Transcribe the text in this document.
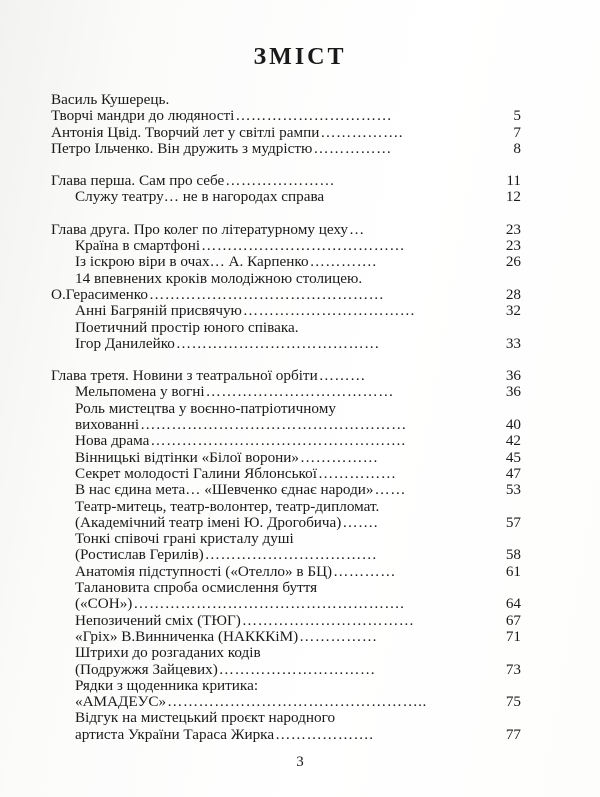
ЗМІСТ
Василь Кушерець.
Творчі мандри до людяності …………………………	5
Антонія Цвід. Творчий лет у світлі рампи …………….	7
Петро Ільченко. Він дружить з мудрістю ……………	8
Глава перша. Сам про себе …………………	11
Служу театру… не в нагородах справа	12
Глава друга. Про колег по літературному цеху …	23
Країна в смартфоні …………………………………	23
Із іскрою віри в очах… А. Карпенко ………….	26
14 впевнених кроків молодіжною столицею.
О.Герасименко ………………………………………	28
Анні Багряній присвячую ……………………………	32
Поетичний простір юного співака.
Ігор Данилейко …………………………………	33
Глава третя. Новини з театральної орбіти ………	36
Мельпомена у вогні ………………………………	36
Роль мистецтва у воєнно-патріотичному
вихованні ……………………………………………	40
Нова драма ………………………………………….	42
Вінницькі відтінки «Білої ворони» ……………	45
Секрет молодості Галини Яблонської ……………	47
В нас єдина мета… «Шевченко єднає народи» ……	53
Театр-митець, театр-волонтер, театр-дипломат.
(Академічний театр імені Ю. Дрогобича) …….	57
Тонкі співочі грані кристалу душі
(Ростислав Герилів) ……………………………	58
Анатомія підступності («Отелло» в БЦ) …………	61
Талановита спроба осмислення буття
(«СОН») …………………………………………….	64
Непозичений сміх (ТЮГ) ……………………………	67
«Гріх» В.Винниченка (НАКККіМ) ……………	71
Штрихи до розгаданих кодів
(Подружжя Зайцевих) …………………………	73
Рядки з щоденника критика:
«АМАДЕУС» …………………………………………..	75
Відгук на мистецький проєкт народного
артиста України Тараса Жирка ……………….	77
3
